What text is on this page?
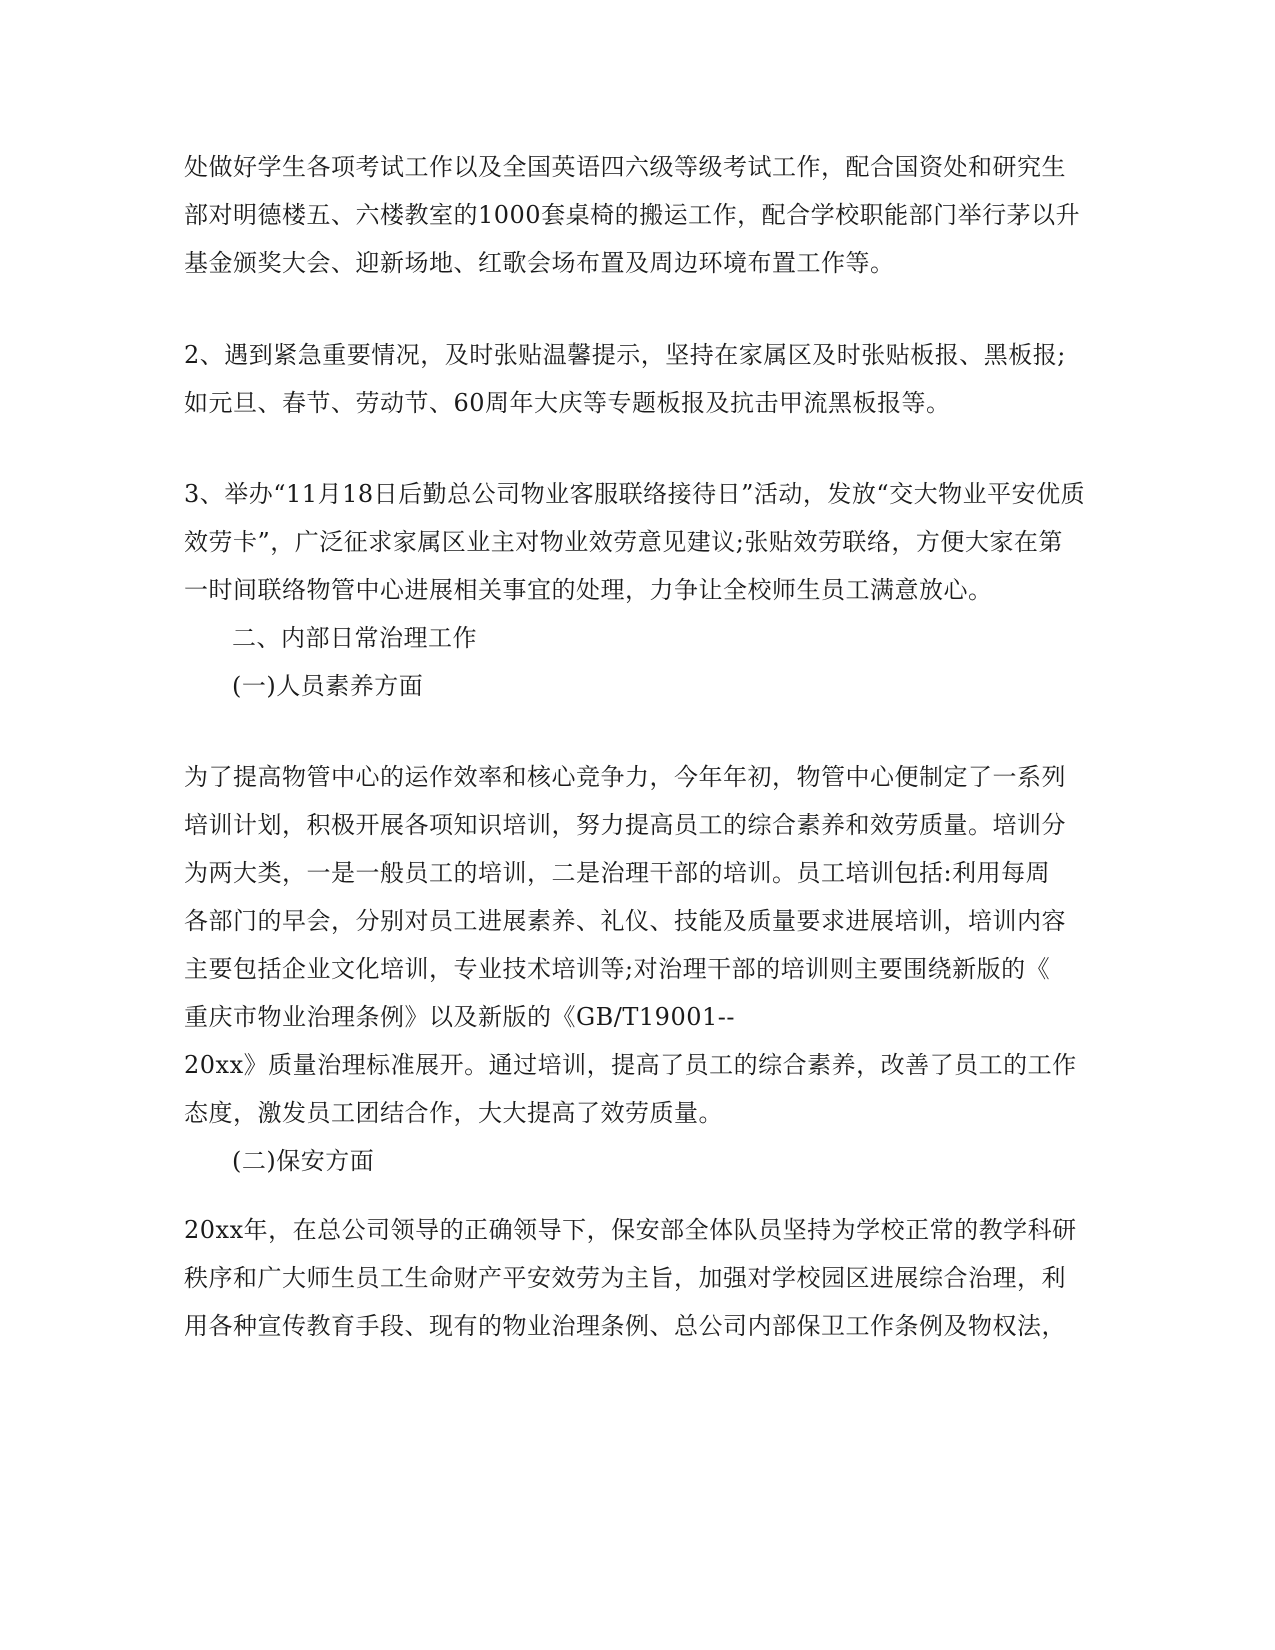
处做好学生各项考试工作以及全国英语四六级等级考试工作，配合国资处和研究生
部对明德楼五、六楼教室的1000套桌椅的搬运工作，配合学校职能部门举行茅以升
基金颁奖大会、迎新场地、红歌会场布置及周边环境布置工作等。
2、遇到紧急重要情况，及时张贴温馨提示，坚持在家属区及时张贴板报、黑板报;
如元旦、春节、劳动节、60周年大庆等专题板报及抗击甲流黑板报等。
3、举办“11月18日后勤总公司物业客服联络接待日”活动，发放“交大物业平安优质
效劳卡”，广泛征求家属区业主对物业效劳意见建议;张贴效劳联络，方便大家在第
一时间联络物管中心进展相关事宜的处理，力争让全校师生员工满意放心。
二、内部日常治理工作
(一)人员素养方面
为了提高物管中心的运作效率和核心竞争力，今年年初，物管中心便制定了一系列
培训计划，积极开展各项知识培训，努力提高员工的综合素养和效劳质量。培训分
为两大类，一是一般员工的培训，二是治理干部的培训。员工培训包括:利用每周
各部门的早会，分别对员工进展素养、礼仪、技能及质量要求进展培训，培训内容
主要包括企业文化培训，专业技术培训等;对治理干部的培训则主要围绕新版的《
重庆市物业治理条例》以及新版的《GB/T19001--
20xx》质量治理标准展开。通过培训，提高了员工的综合素养，改善了员工的工作
态度，激发员工团结合作，大大提高了效劳质量。
(二)保安方面
20xx年，在总公司领导的正确领导下，保安部全体队员坚持为学校正常的教学科研
秩序和广大师生员工生命财产平安效劳为主旨，加强对学校园区进展综合治理，利
用各种宣传教育手段、现有的物业治理条例、总公司内部保卫工作条例及物权法，
